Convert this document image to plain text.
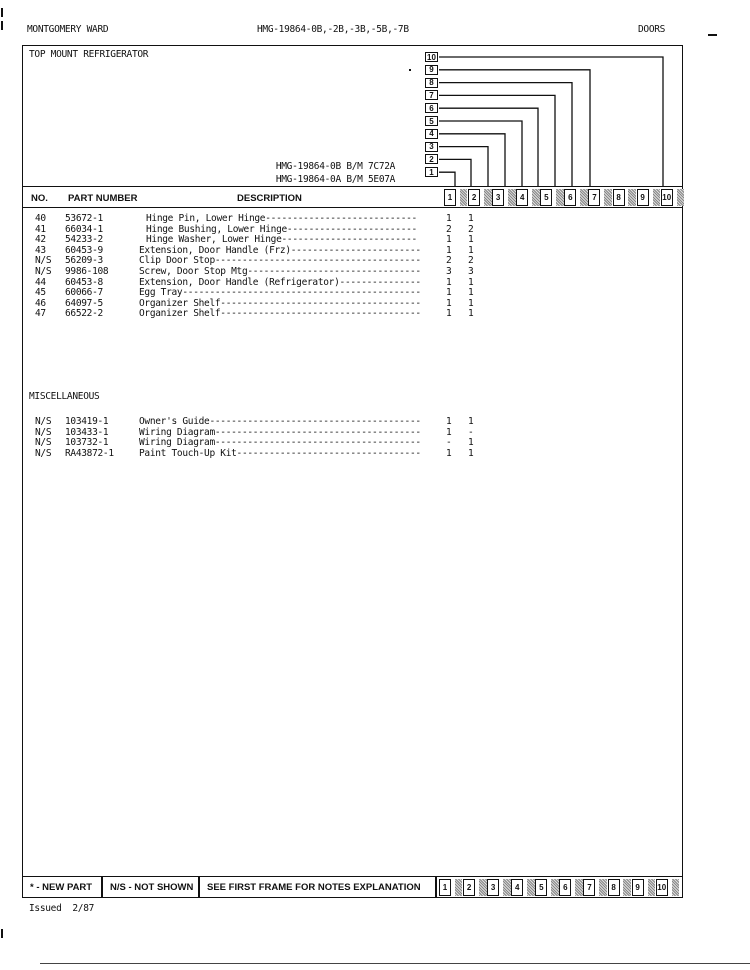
MONTGOMERY WARD	HMG-19864-0B,-2B,-3B,-5B,-7B	DOORS
TOP MOUNT REFRIGERATOR

HMG-19864-0B B/M 7C72A

HMG-19864-0A B/M 5E07A

10
9
8
7
6
5
4
3
2
1
NO. PART NUMBER	DESCRIPTION	1	2	3	4	5	6	7	8	9	10
40 53672-1	Hinge Pin, Lower Hinge----------------------------	1 1
41 66034-1	Hinge Bushing, Lower Hinge------------------------	2 2
42 54233-2	Hinge Washer, Lower Hinge-------------------------	1 1
43 60453-9	Extension, Door Handle (Frz)------------------------	1 1
N/S 56209-3	Clip Door Stop--------------------------------------	2 2
N/S 9986-108	Screw, Door Stop Mtg--------------------------------	3 3
44 60453-8	Extension, Door Handle (Refrigerator)---------------	1 1
45 60066-7	Egg Tray--------------------------------------------	1 1
46 64097-5	Organizer Shelf-------------------------------------	1 1
47 66522-2	Organizer Shelf-------------------------------------	1 1
MISCELLANEOUS
N/S 103419-1	Owner's Guide---------------------------------------	1 1
N/S 103433-1	Wiring Diagram--------------------------------------	1 -
N/S 103732-1	Wiring Diagram--------------------------------------	- 1
N/S RA43872-1	Paint Touch-Up Kit----------------------------------	1 1
* - NEW PART N/S - NOT SHOWN SEE FIRST FRAME FOR NOTES EXPLANATION	1	2	3	4	5	6	7	8	9	10
Issued  2/87
